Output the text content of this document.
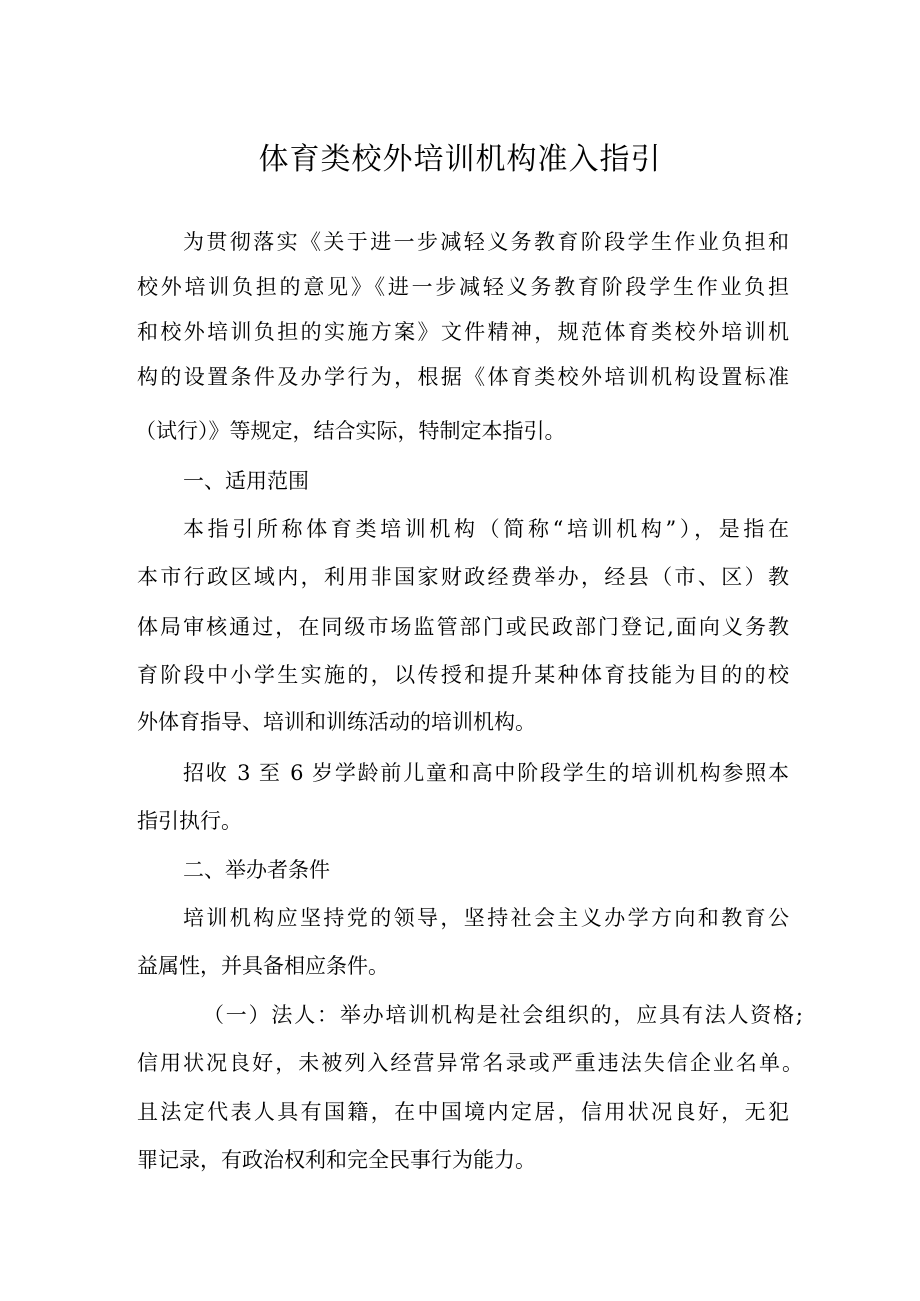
体育类校外培训机构准入指引
为贯彻落实《关于进一步减轻义务教育阶段学生作业负担和
校外培训负担的意见》《进一步减轻义务教育阶段学生作业负担
和校外培训负担的实施方案》文件精神，规范体育类校外培训机
构的设置条件及办学行为，根据《体育类校外培训机构设置标准
（试行）》等规定，结合实际，特制定本指引。
一、适用范围
本指引所称体育类培训机构（简称“培训机构”），是指在
本市行政区域内，利用非国家财政经费举办，经县（市、区）教
体局审核通过，在同级市场监管部门或民政部门登记,面向义务教
育阶段中小学生实施的，以传授和提升某种体育技能为目的的校
外体育指导、培训和训练活动的培训机构。
招收 3 至 6 岁学龄前儿童和高中阶段学生的培训机构参照本
指引执行。
二、举办者条件
培训机构应坚持党的领导，坚持社会主义办学方向和教育公
益属性，并具备相应条件。
（一）法人：举办培训机构是社会组织的，应具有法人资格;
信用状况良好，未被列入经营异常名录或严重违法失信企业名单。
且法定代表人具有国籍，在中国境内定居，信用状况良好，无犯
罪记录，有政治权利和完全民事行为能力。
